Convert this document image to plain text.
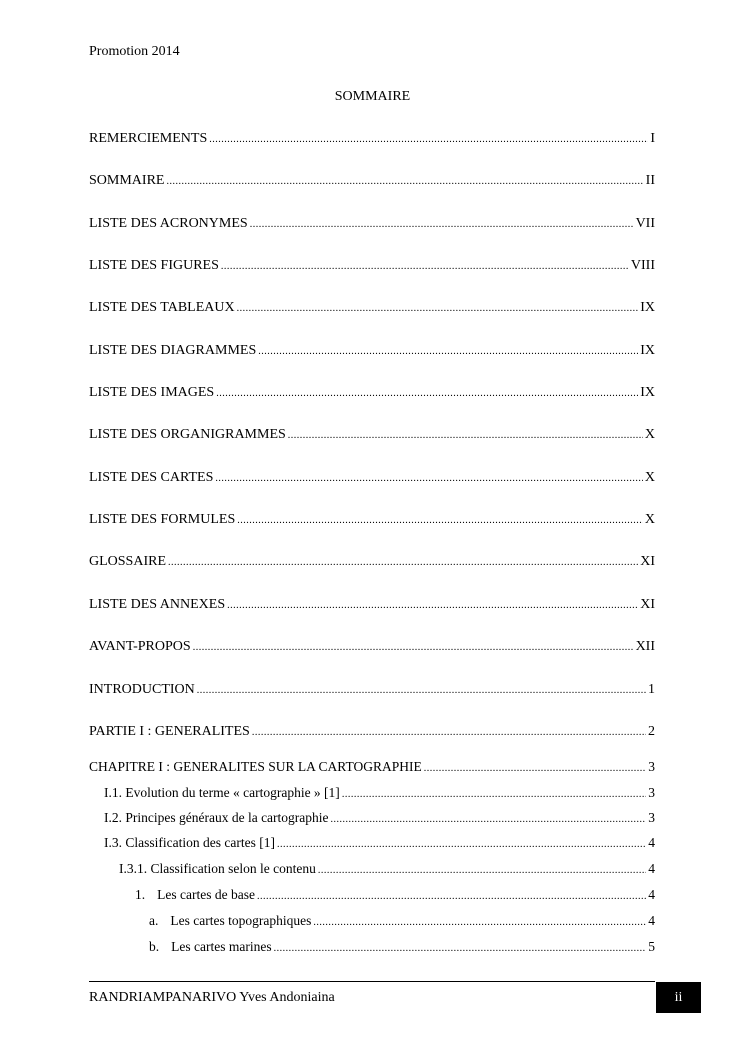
Promotion 2014
SOMMAIRE
REMERCIEMENTS .....	I
SOMMAIRE .....	II
LISTE DES ACRONYMES .....	VII
LISTE DES FIGURES .....	VIII
LISTE DES TABLEAUX .....	IX
LISTE DES DIAGRAMMES .....	IX
LISTE DES IMAGES .....	IX
LISTE DES ORGANIGRAMMES .....	X
LISTE DES CARTES .....	X
LISTE DES FORMULES .....	X
GLOSSAIRE .....	XI
LISTE DES ANNEXES .....	XI
AVANT-PROPOS .....	XII
INTRODUCTION .....	1
PARTIE I : GENERALITES .....	2
CHAPITRE I : GENERALITES SUR LA CARTOGRAPHIE .....	3
I.1. Evolution du terme « cartographie » [1] .....	3
I.2. Principes généraux de la cartographie .....	3
I.3. Classification des cartes [1] .....	4
I.3.1. Classification selon le contenu .....	4
1. Les cartes de base .....	4
a. Les cartes topographiques .....	4
b. Les cartes marines .....	5
RANDRIAMPANARIVO Yves Andoniaina	ii
